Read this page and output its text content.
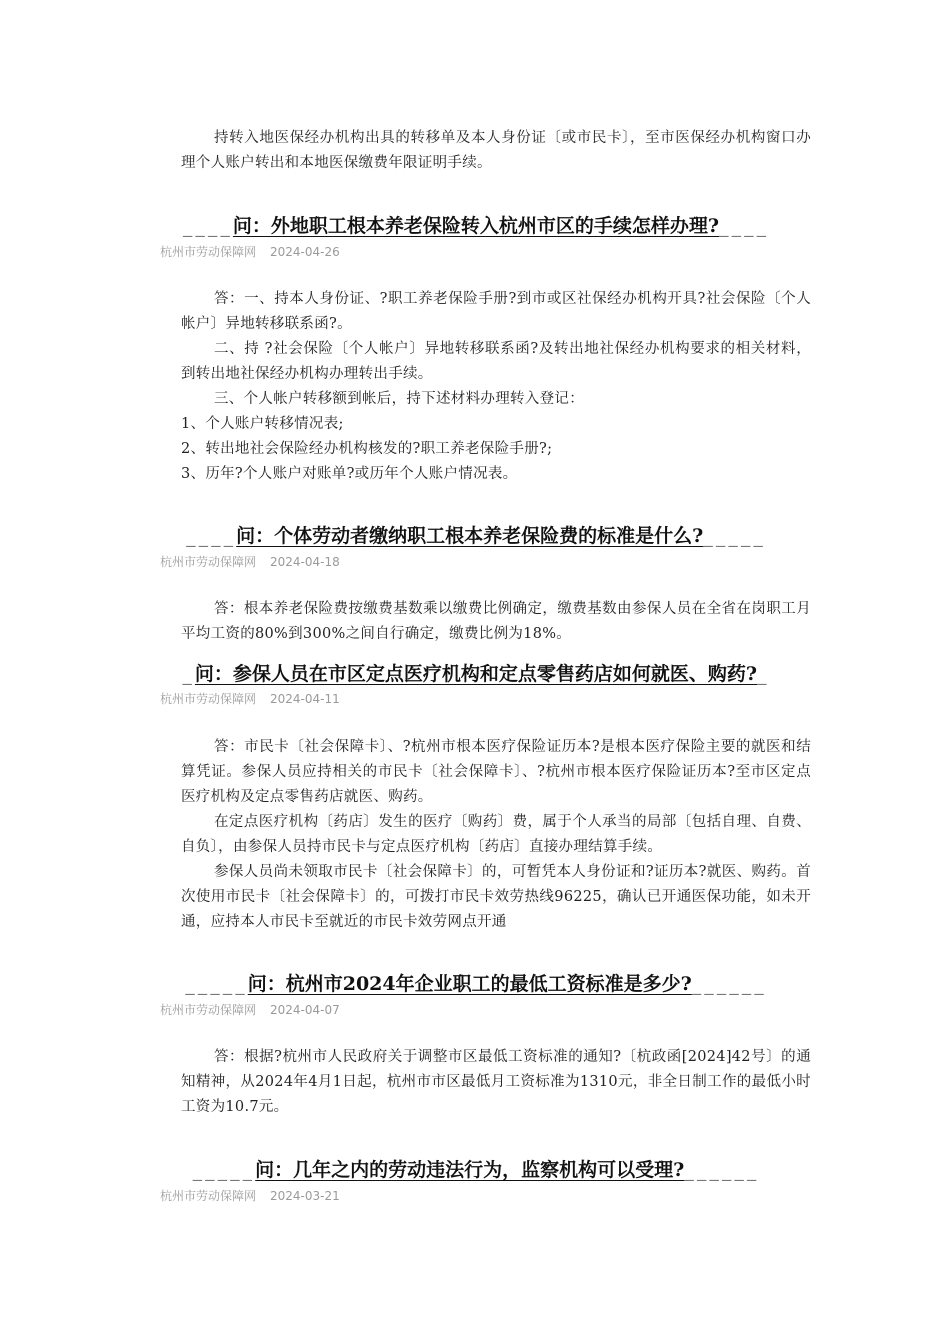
持转入地医保经办机构出具的转移单及本人身份证〔或市民卡〕，至市医保经办机构窗口办理个人账户转出和本地医保缴费年限证明手续。

____问：外地职工根本养老保险转入杭州市区的手续怎样办理?____

杭州市劳动保障网 2024-04-26

答：一、持本人身份证、?职工养老保险手册?到市或区社保经办机构开具?社会保险〔个人帐户〕异地转移联系函?。
二、持 ?社会保险〔个人帐户〕异地转移联系函?及转出地社保经办机构要求的相关材料，到转出地社保经办机构办理转出手续。
三、个人帐户转移额到帐后，持下述材料办理转入登记：
1、个人账户转移情况表;
2、转出地社会保险经办机构核发的?职工养老保险手册?;
3、历年?个人账户对账单?或历年个人账户情况表。
____问：个体劳动者缴纳职工根本养老保险费的标准是什么?_____

杭州市劳动保障网 2024-04-18

答：根本养老保险费按缴费基数乘以缴费比例确定，缴费基数由参保人员在全省在岗职工月平均工资的80%到300%之间自行确定，缴费比例为18%。
_问：参保人员在市区定点医疗机构和定点零售药店如何就医、购药?_

杭州市劳动保障网 2024-04-11

答：市民卡〔社会保障卡〕、?杭州市根本医疗保险证历本?是根本医疗保险主要的就医和结算凭证。参保人员应持相关的市民卡〔社会保障卡〕、?杭州市根本医疗保险证历本?至市区定点医疗机构及定点零售药店就医、购药。
在定点医疗机构〔药店〕发生的医疗〔购药〕费，属于个人承当的局部〔包括自理、自费、自负〕，由参保人员持市民卡与定点医疗机构〔药店〕直接办理结算手续。
参保人员尚未领取市民卡〔社会保障卡〕的，可暂凭本人身份证和?证历本?就医、购药。首次使用市民卡〔社会保障卡〕的，可拨打市民卡效劳热线96225，确认已开通医保功能，如未开通，应持本人市民卡至就近的市民卡效劳网点开通
_____问：杭州市2024年企业职工的最低工资标准是多少?______

杭州市劳动保障网 2024-04-07

答：根据?杭州市人民政府关于调整市区最低工资标准的通知?〔杭政函[2024]42号〕的通知精神，从2024年4月1日起，杭州市市区最低月工资标准为1310元，非全日制工作的最低小时工资为10.7元。
_____问：几年之内的劳动违法行为，监察机构可以受理?______

杭州市劳动保障网 2024-03-21
